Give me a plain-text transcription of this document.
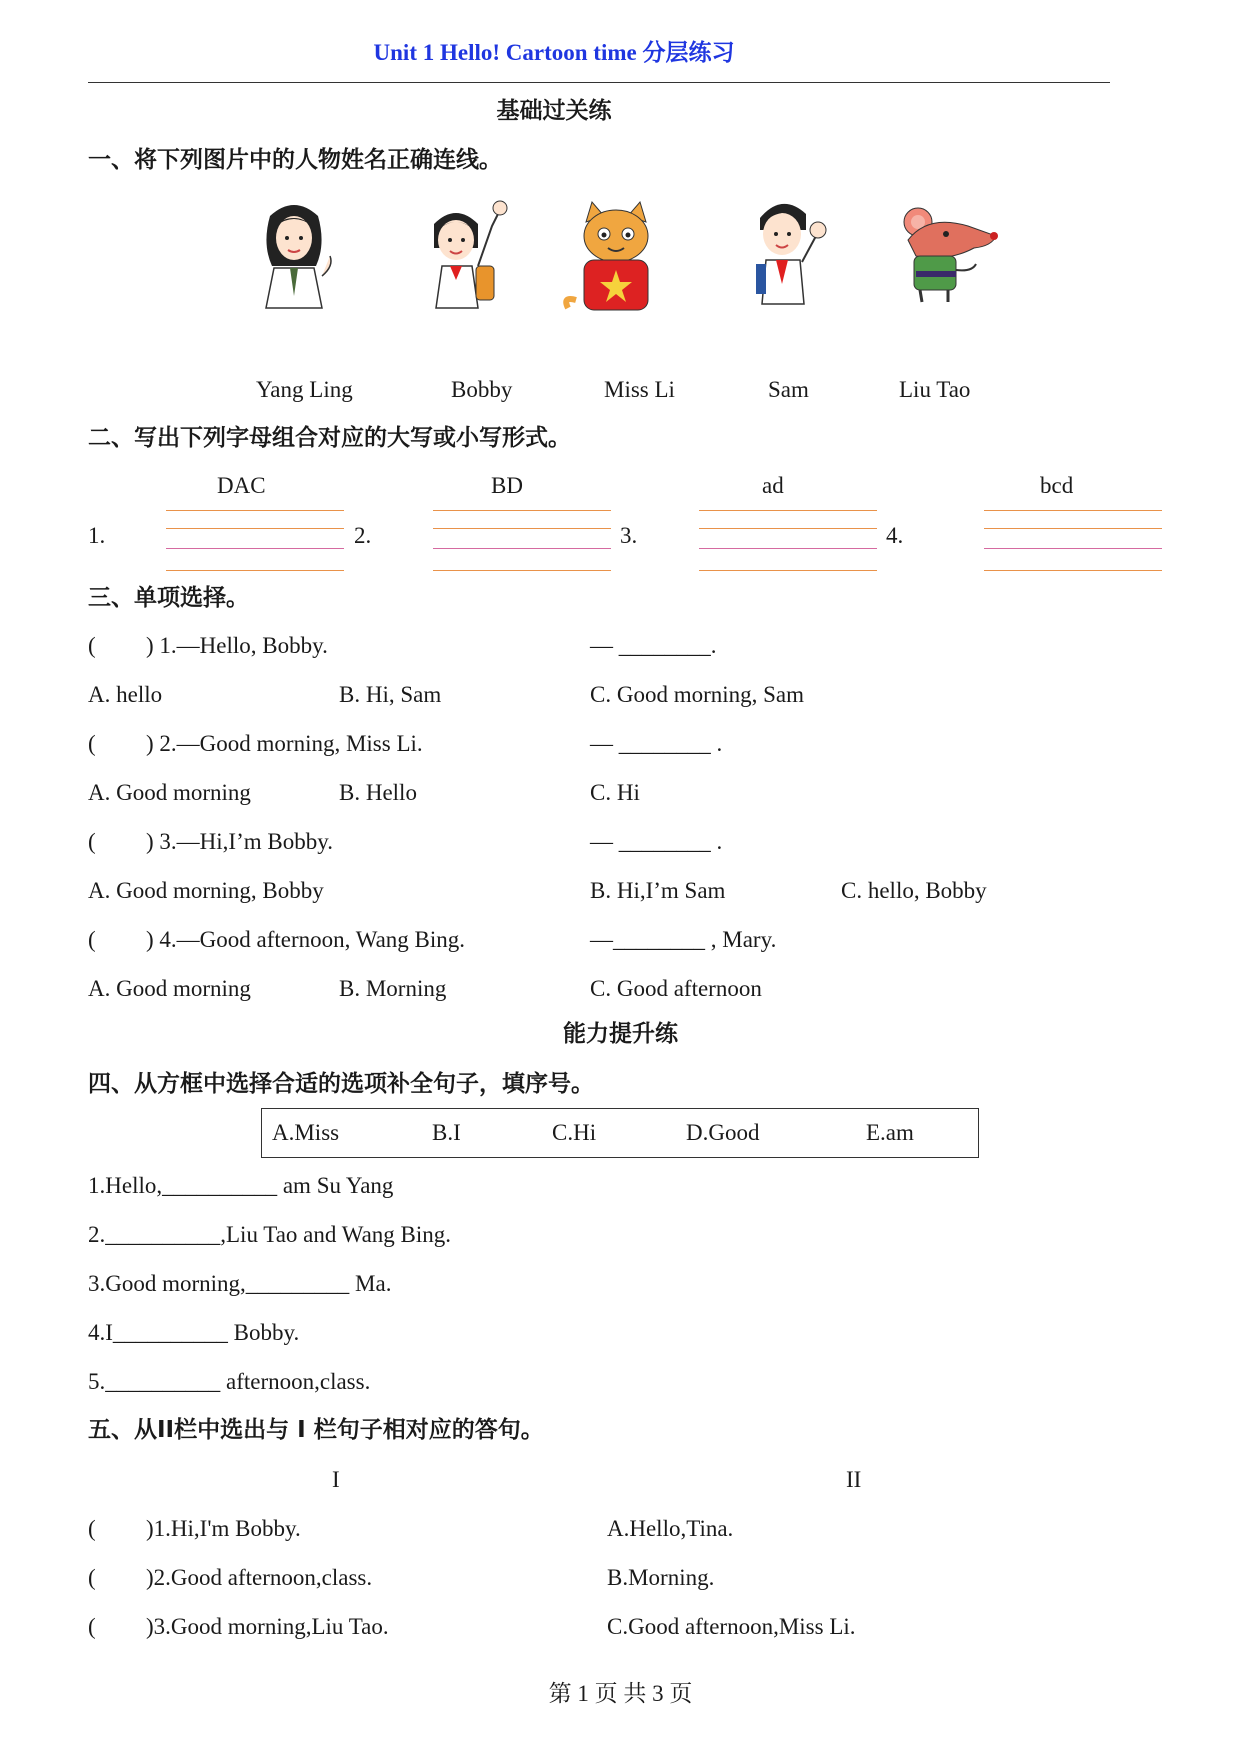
Unit 1 Hello! Cartoon time 分层练习
基础过关练
一、将下列图片中的人物姓名正确连线。
Yang Ling	Bobby	Miss Li	Sam	Liu Tao
二、写出下列字母组合对应的大写或小写形式。
DAC	BD	ad	bcd
1.	2.	3.	4.
三、单项选择。
( ) 1.—Hello, Bobby.	— ________.
A. hello	B. Hi, Sam	C. Good morning, Sam
( ) 2.—Good morning, Miss Li.	— ________ .
A. Good morning	B. Hello	C. Hi
( ) 3.—Hi,I’m Bobby.	— ________ .
A. Good morning, Bobby	B. Hi,I’m Sam	C. hello, Bobby
( ) 4.—Good afternoon, Wang Bing.	—________ , Mary.
A. Good morning	B. Morning	C. Good afternoon
能力提升练
四、从方框中选择合适的选项补全句子，填序号。
A.Miss	B.I	C.Hi	D.Good	E.am
1.Hello,__________ am Su Yang
2.__________,Liu Tao and Wang Bing.
3.Good morning,_________ Ma.
4.I__________ Bobby.
5.__________ afternoon,class.
五、从II栏中选出与 I 栏句子相对应的答句。
I	II
( )1.Hi,I'm Bobby.	A.Hello,Tina.
( )2.Good afternoon,class.	B.Morning.
( )3.Good morning,Liu Tao.	C.Good afternoon,Miss Li.
第 1 页 共 3 页
